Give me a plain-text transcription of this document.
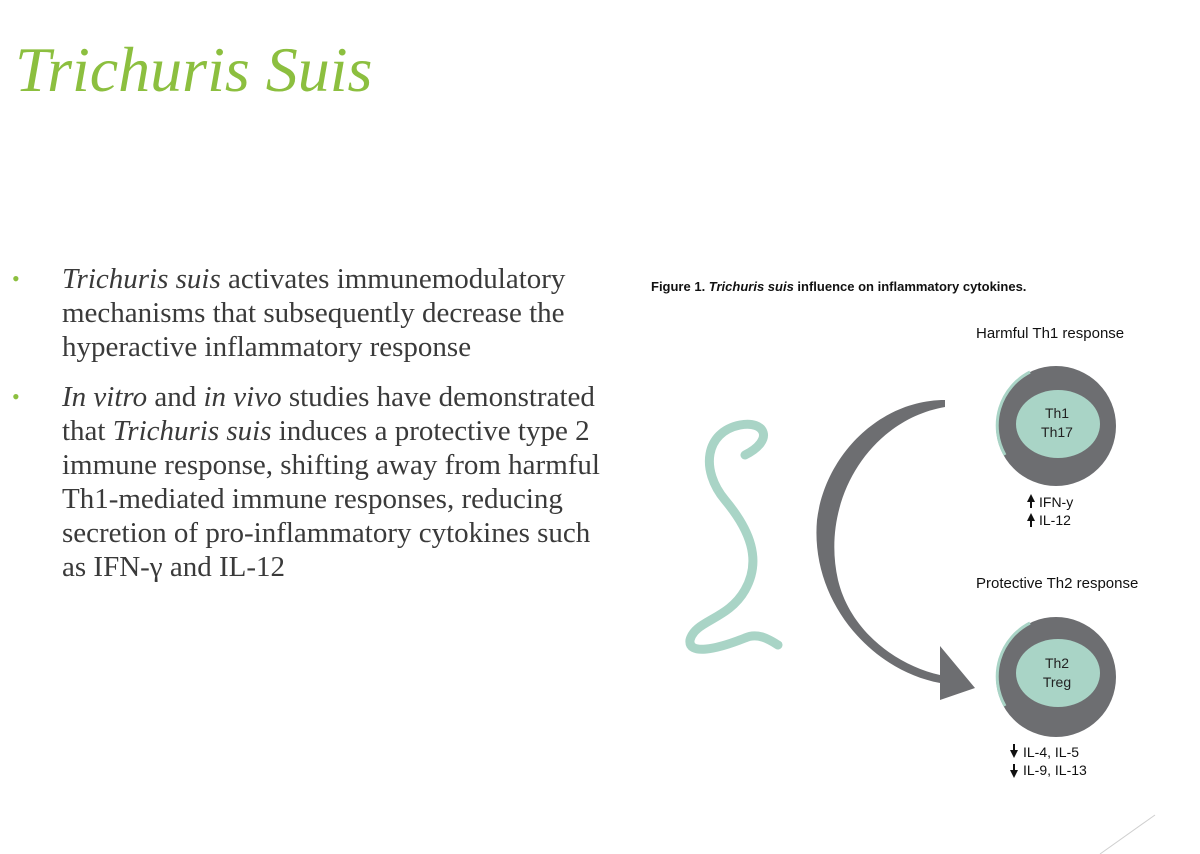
Trichuris Suis
• Trichuris suis activates immunemodulatory mechanisms that subsequently decrease the hyperactive inflammatory response
• In vitro and in vivo studies have demonstrated that Trichuris suis induces a protective type 2 immune response, shifting away from harmful Th1-mediated immune responses, reducing secretion of pro-inflammatory cytokines such as IFN-γ and IL-12
Figure 1. Trichuris suis influence on inflammatory cytokines.
Harmful Th1 response
Protective Th2 response
Th1
Th17
Th2
Treg
IFN-y
IL-12
IL-4, IL-5
IL-9, IL-13
